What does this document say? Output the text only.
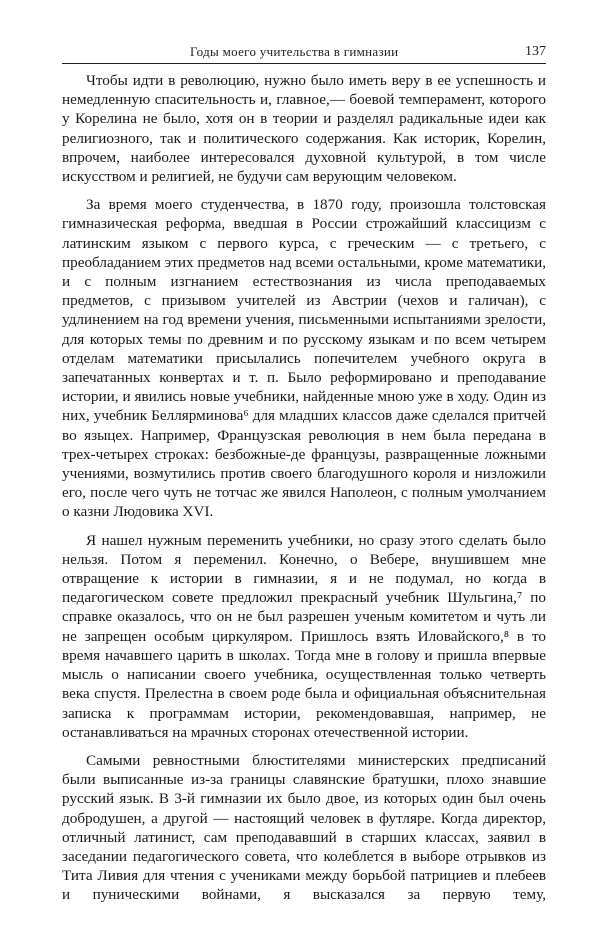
Годы моего учительства в гимназии	137

Чтобы идти в революцию, нужно было иметь веру в ее успешность и немедленную спасительность и, главное,— боевой темперамент, которого у Корелина не было, хотя он в теории и разделял радикальные идеи как религиозного, так и политического содержания. Как историк, Корелин, впрочем, наиболее интересовался духовной культурой, в том числе искусством и религией, не будучи сам верующим человеком.

За время моего студенчества, в 1870 году, произошла толстовская гимназическая реформа, введшая в России строжайший классицизм с латинским языком с первого курса, с греческим — с третьего, с преобладанием этих предметов над всеми остальными, кроме математики, и с полным изгнанием естествознания из числа преподаваемых предметов, с призывом учителей из Австрии (чехов и галичан), с удлинением на год времени учения, письменными испытаниями зрелости, для которых темы по древним и по русскому языкам и по всем четырем отделам математики присылались попечителем учебного округа в запечатанных конвертах и т. п. Было реформировано и преподавание истории, и явились новые учебники, найденные мною уже в ходу. Один из них, учебник Беллярминова⁶ для младших классов даже сделался притчей во языцех. Например, Французская революция в нем была передана в трех-четырех строках: безбожные-де французы, развращенные ложными учениями, возмутились против своего благодушного короля и низложили его, после чего чуть не тотчас же явился Наполеон, с полным умолчанием о казни Людовика XVI.

Я нашел нужным переменить учебники, но сразу этого сделать было нельзя. Потом я переменил. Конечно, о Вебере, внушившем мне отвращение к истории в гимназии, я и не подумал, но когда в педагогическом совете предложил прекрасный учебник Шульгина,⁷ по справке оказалось, что он не был разрешен ученым комитетом и чуть ли не запрещен особым циркуляром. Пришлось взять Иловайского,⁸ в то время начавшего царить в школах. Тогда мне в голову и пришла впервые мысль о написании своего учебника, осуществленная только четверть века спустя. Прелестна в своем роде была и официальная объяснительная записка к программам истории, рекомендовавшая, например, не останавливаться на мрачных сторонах отечественной истории.

Самыми ревностными блюстителями министерских предписаний были выписанные из-за границы славянские братушки, плохо знавшие русский язык. В 3-й гимназии их было двое, из которых один был очень добродушен, а другой — настоящий человек в футляре. Когда директор, отличный латинист, сам преподававший в старших классах, заявил в заседании педагогического совета, что колеблется в выборе отрывков из Тита Ливия для чтения с учениками между борьбой патрициев и плебеев и пуническими войнами, я высказался за первую тему,
